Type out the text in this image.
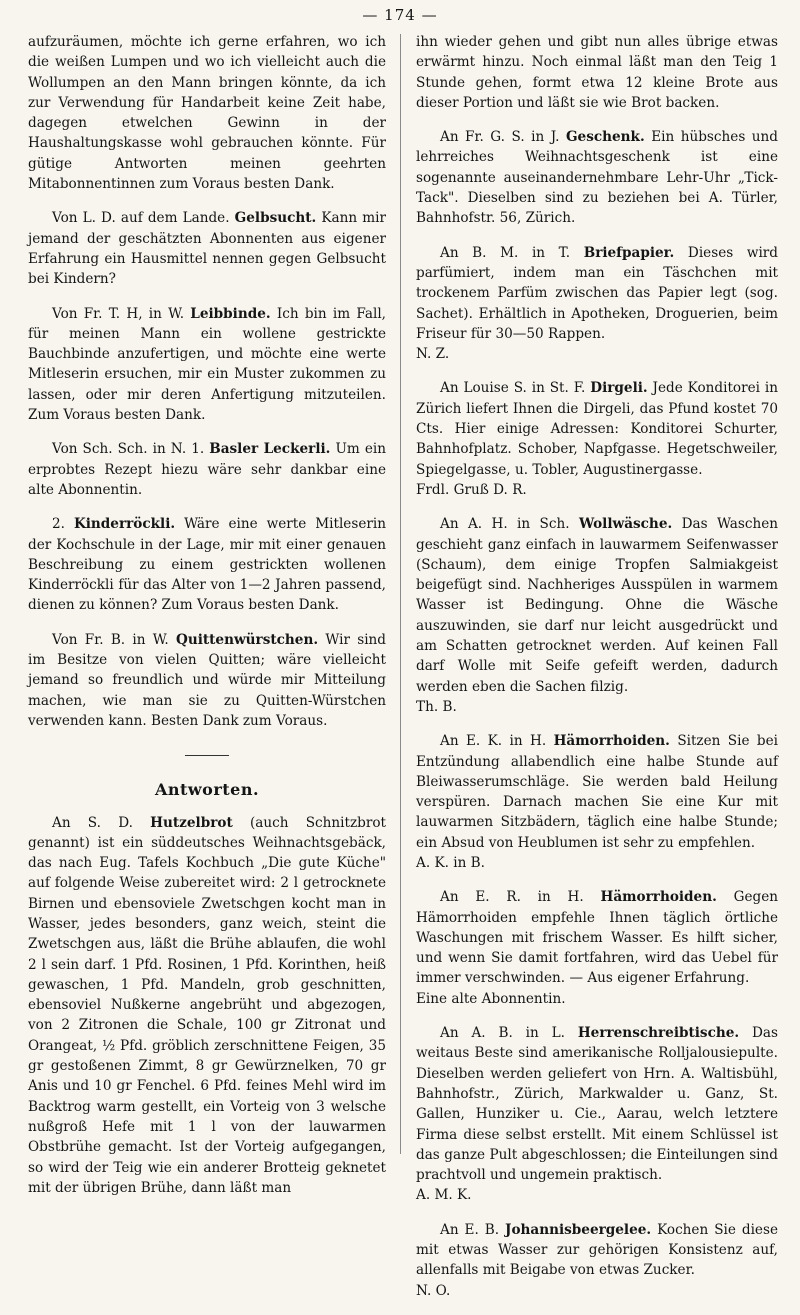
— 174 —

aufzuräumen, möchte ich gerne erfahren, wo ich die weißen Lumpen und wo ich vielleicht auch die Wollumpen an den Mann bringen könnte, da ich zur Verwendung für Handarbeit keine Zeit habe, dagegen etwelchen Gewinn in der Haushaltungskasse wohl gebrauchen könnte. Für gütige Antworten meinen geehrten Mitabonnentinnen zum Voraus besten Dank.

Von L. D. auf dem Lande. Gelbsucht. Kann mir jemand der geschätzten Abonnenten aus eigener Erfahrung ein Hausmittel nennen gegen Gelbsucht bei Kindern?

Von Fr. T. H, in W. Leibbinde. Ich bin im Fall, für meinen Mann ein wollene gestrickte Bauchbinde anzufertigen, und möchte eine werte Mitleserin ersuchen, mir ein Muster zukommen zu lassen, oder mir deren Anfertigung mitzuteilen. Zum Voraus besten Dank.

Von Sch. Sch. in N. 1. Basler Leckerli. Um ein erprobtes Rezept hiezu wäre sehr dankbar eine alte Abonnentin.

2. Kinderröckli. Wäre eine werte Mitleserin der Kochschule in der Lage, mir mit einer genauen Beschreibung zu einem gestrickten wollenen Kinderröckli für das Alter von 1—2 Jahren passend, dienen zu können? Zum Voraus besten Dank.

Von Fr. B. in W. Quittenwürstchen. Wir sind im Besitze von vielen Quitten; wäre vielleicht jemand so freundlich und würde mir Mitteilung machen, wie man sie zu Quitten-Würstchen verwenden kann. Besten Dank zum Voraus.

Antworten.

An S. D. Hutzelbrot (auch Schnitzbrot genannt) ist ein süddeutsches Weihnachtsgebäck, das nach Eug. Tafels Kochbuch „Die gute Küche" auf folgende Weise zubereitet wird: 2 l getrocknete Birnen und ebensoviele Zwetschgen kocht man in Wasser, jedes besonders, ganz weich, steint die Zwetschgen aus, läßt die Brühe ablaufen, die wohl 2 l sein darf. 1 Pfd. Rosinen, 1 Pfd. Korinthen, heiß gewaschen, 1 Pfd. Mandeln, grob geschnitten, ebensoviel Nußkerne angebrüht und abgezogen, von 2 Zitronen die Schale, 100 gr Zitronat und Orangeat, ½ Pfd. gröblich zerschnittene Feigen, 35 gr gestoßenen Zimmt, 8 gr Gewürznelken, 70 gr Anis und 10 gr Fenchel. 6 Pfd. feines Mehl wird im Backtrog warm gestellt, ein Vorteig von 3 welsche nußgroß Hefe mit 1 l von der lauwarmen Obstbrühe gemacht. Ist der Vorteig aufgegangen, so wird der Teig wie ein anderer Brotteig geknetet mit der übrigen Brühe, dann läßt man

ihn wieder gehen und gibt nun alles übrige etwas erwärmt hinzu. Noch einmal läßt man den Teig 1 Stunde gehen, formt etwa 12 kleine Brote aus dieser Portion und läßt sie wie Brot backen.

An Fr. G. S. in J. Geschenk. Ein hübsches und lehrreiches Weihnachtsgeschenk ist eine sogenannte auseinandernehmbare Lehr-Uhr „Tick-Tack". Dieselben sind zu beziehen bei A. Türler, Bahnhofstr. 56, Zürich.

An B. M. in T. Briefpapier. Dieses wird parfümiert, indem man ein Täschchen mit trockenem Parfüm zwischen das Papier legt (sog. Sachet). Erhältlich in Apotheken, Droguerien, beim Friseur für 30—50 Rappen.

N. Z.

An Louise S. in St. F. Dirgeli. Jede Konditorei in Zürich liefert Ihnen die Dirgeli, das Pfund kostet 70 Cts. Hier einige Adressen: Konditorei Schurter, Bahnhofplatz. Schober, Napfgasse. Hegetschweiler, Spiegelgasse, u. Tobler, Augustinergasse.

Frdl. Gruß D. R.

An A. H. in Sch. Wollwäsche. Das Waschen geschieht ganz einfach in lauwarmem Seifenwasser (Schaum), dem einige Tropfen Salmiakgeist beigefügt sind. Nachheriges Ausspülen in warmem Wasser ist Bedingung. Ohne die Wäsche auszuwinden, sie darf nur leicht ausgedrückt und am Schatten getrocknet werden. Auf keinen Fall darf Wolle mit Seife gefeift werden, dadurch werden eben die Sachen filzig.

Th. B.

An E. K. in H. Hämorrhoiden. Sitzen Sie bei Entzündung allabendlich eine halbe Stunde auf Bleiwasserumschläge. Sie werden bald Heilung verspüren. Darnach machen Sie eine Kur mit lauwarmen Sitzbädern, täglich eine halbe Stunde; ein Absud von Heublumen ist sehr zu empfehlen.

A. K. in B.

An E. R. in H. Hämorrhoiden. Gegen Hämorrhoiden empfehle Ihnen täglich örtliche Waschungen mit frischem Wasser. Es hilft sicher, und wenn Sie damit fortfahren, wird das Uebel für immer verschwinden. — Aus eigener Erfahrung.

Eine alte Abonnentin.

An A. B. in L. Herrenschreibtische. Das weitaus Beste sind amerikanische Rolljalousiepulte. Dieselben werden geliefert von Hrn. A. Waltisbühl, Bahnhofstr., Zürich, Markwalder u. Ganz, St. Gallen, Hunziker u. Cie., Aarau, welch letztere Firma diese selbst erstellt. Mit einem Schlüssel ist das ganze Pult abgeschlossen; die Einteilungen sind prachtvoll und ungemein praktisch.

A. M. K.

An E. B. Johannisbeergelee. Kochen Sie diese mit etwas Wasser zur gehörigen Konsistenz auf, allenfalls mit Beigabe von etwas Zucker.

N. O.
